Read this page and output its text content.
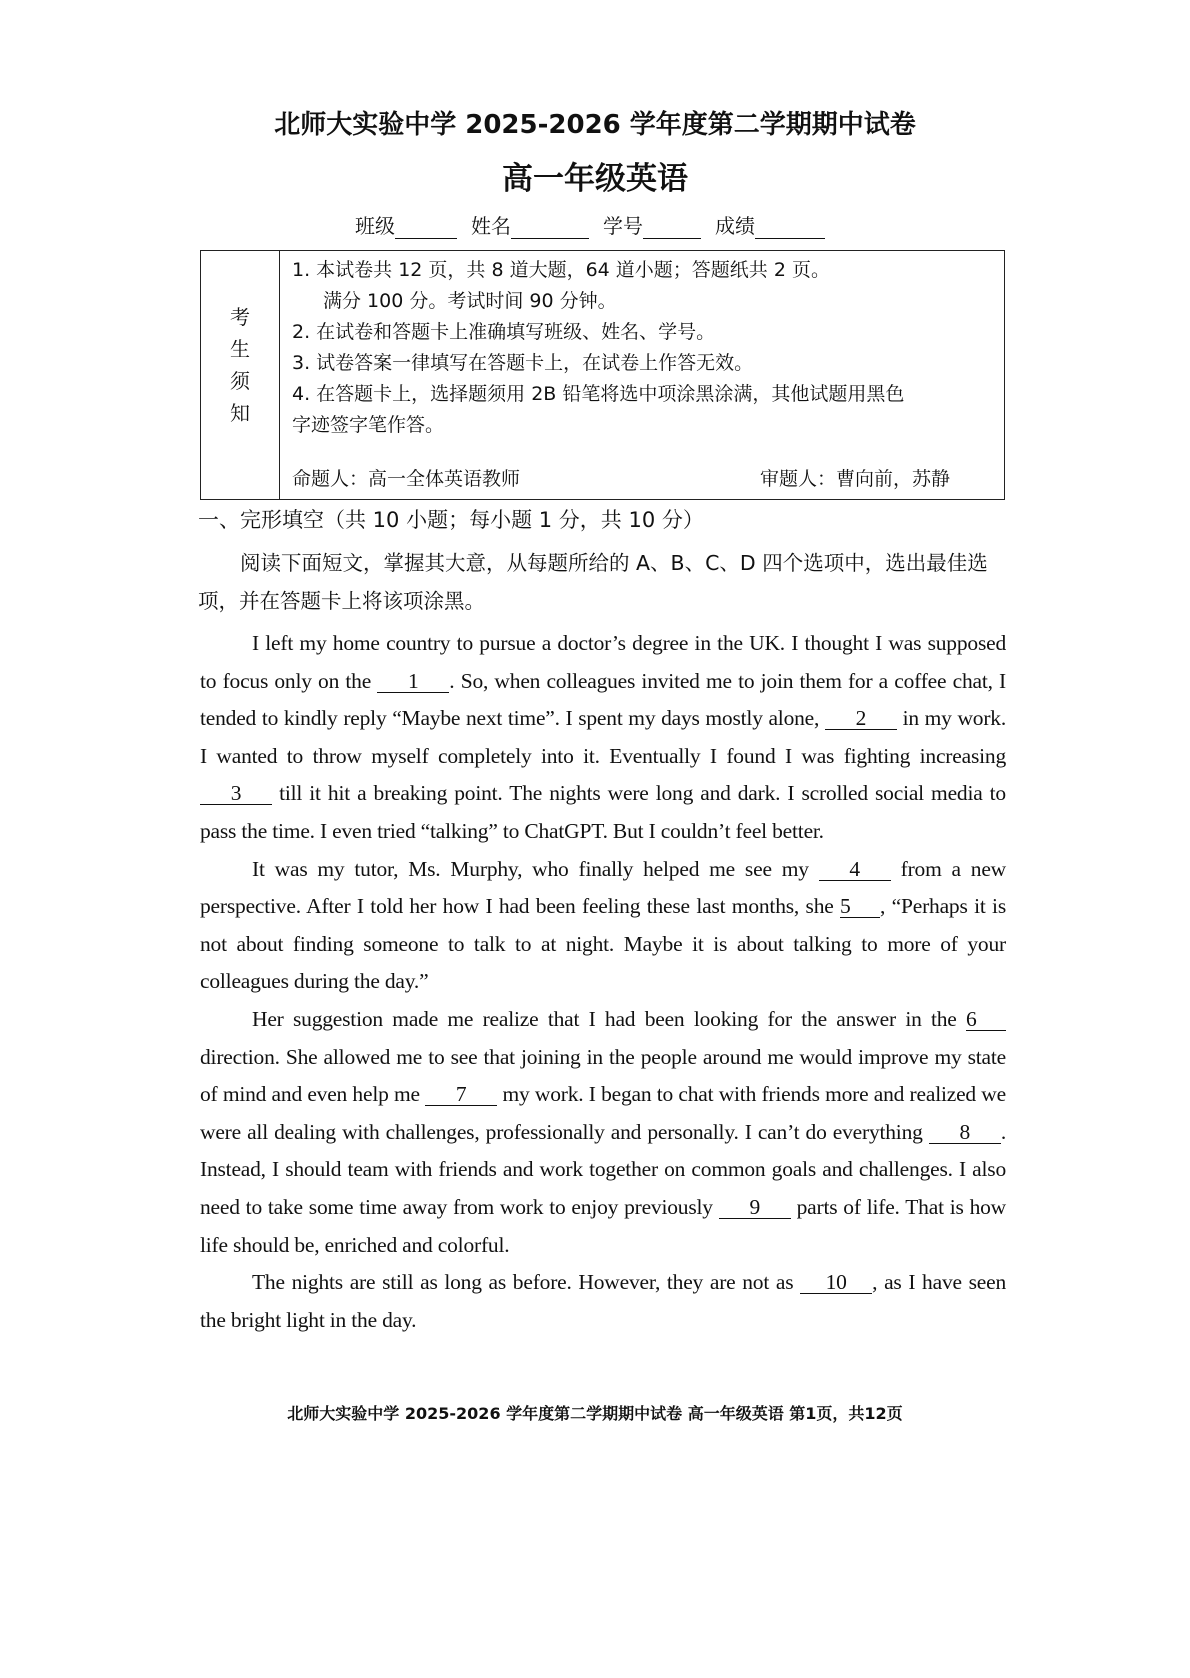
北师大实验中学 2025-2026 学年度第二学期期中试卷
高一年级英语
班级	姓名	学号	成绩
考
生
须
知
1. 本试卷共 12 页，共 8 道大题，64 道小题；答题纸共 2 页。
满分 100 分。考试时间 90 分钟。
2. 在试卷和答题卡上准确填写班级、姓名、学号。
3. 试卷答案一律填写在答题卡上，在试卷上作答无效。
4. 在答题卡上，选择题须用 2B 铅笔将选中项涂黑涂满，其他试题用黑色
字迹签字笔作答。
命题人：高一全体英语教师	审题人：曹向前，苏静
一、完形填空（共 10 小题；每小题 1 分，共 10 分）
阅读下面短文，掌握其大意，从每题所给的 A、B、C、D 四个选项中，选出最佳选项，并在答题卡上将该项涂黑。

I left my home country to pursue a doctor’s degree in the UK. I thought I was supposed to focus only on the 1 . So, when colleagues invited me to join them for a coffee chat, I tended to kindly reply “Maybe next time”. I spent my days mostly alone, 2 in my work. I wanted to throw myself completely into it. Eventually I found I was fighting increasing 3 till it hit a breaking point. The nights were long and dark. I scrolled social media to pass the time. I even tried “talking” to ChatGPT. But I couldn’t feel better.

It was my tutor, Ms. Murphy, who finally helped me see my 4 from a new perspective. After I told her how I had been feeling these last months, she 5 , “Perhaps it is not about finding someone to talk to at night. Maybe it is about talking to more of your colleagues during the day.”

Her suggestion made me realize that I had been looking for the answer in the 6 direction. She allowed me to see that joining in the people around me would improve my state of mind and even help me 7 my work. I began to chat with friends more and realized we were all dealing with challenges, professionally and personally. I can’t do everything 8 . Instead, I should team with friends and work together on common goals and challenges. I also need to take some time away from work to enjoy previously 9 parts of life. That is how life should be, enriched and colorful.

The nights are still as long as before. However, they are not as 10 , as I have seen the bright light in the day.

北师大实验中学 2025-2026 学年度第二学期期中试卷 高一年级英语 第1页，共12页
